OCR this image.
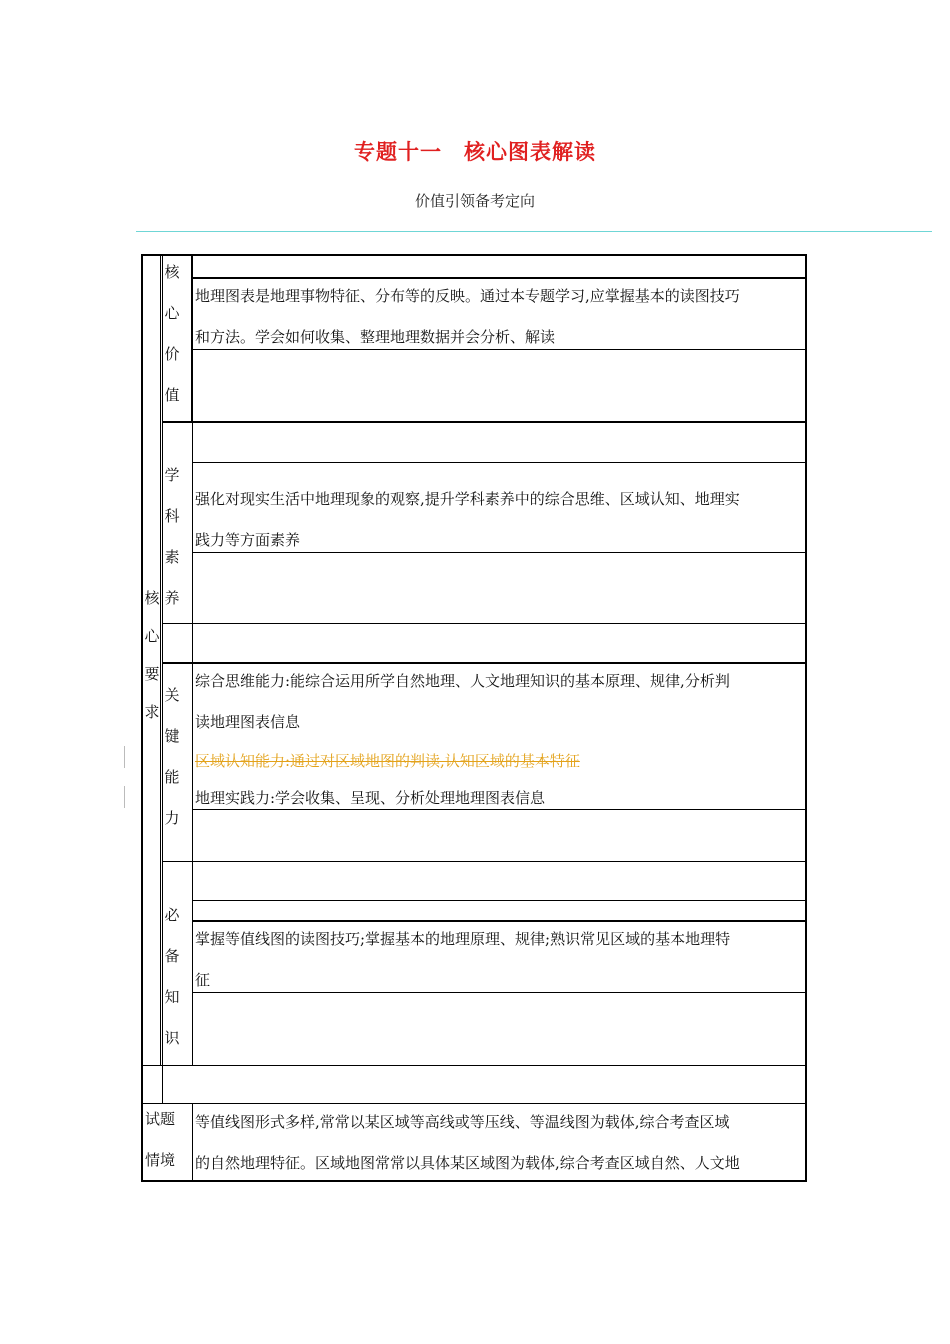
专题十一　核心图表解读
价值引领备考定向
核
心
要
求
核
心
价
值

地理图表是地理事物特征、分布等的反映。通过本专题学习,应掌握基本的读图技巧

和方法。学会如何收集、整理地理数据并会分析、解读

学
科
素
养

强化对现实生活中地理现象的观察,提升学科素养中的综合思维、区域认知、地理实

践力等方面素养

关
键
能
力

综合思维能力:能综合运用所学自然地理、人文地理知识的基本原理、规律,分析判

读地理图表信息

区域认知能力:通过对区域地图的判读,认知区域的基本特征

地理实践力:学会收集、呈现、分析处理地理图表信息

必
备
知
识

掌握等值线图的读图技巧;掌握基本的地理原理、规律;熟识常见区域的基本地理特

征

试题

情境

等值线图形式多样,常常以某区域等高线或等压线、等温线图为载体,综合考查区域

的自然地理特征。区域地图常常以具体某区域图为载体,综合考查区域自然、人文地
